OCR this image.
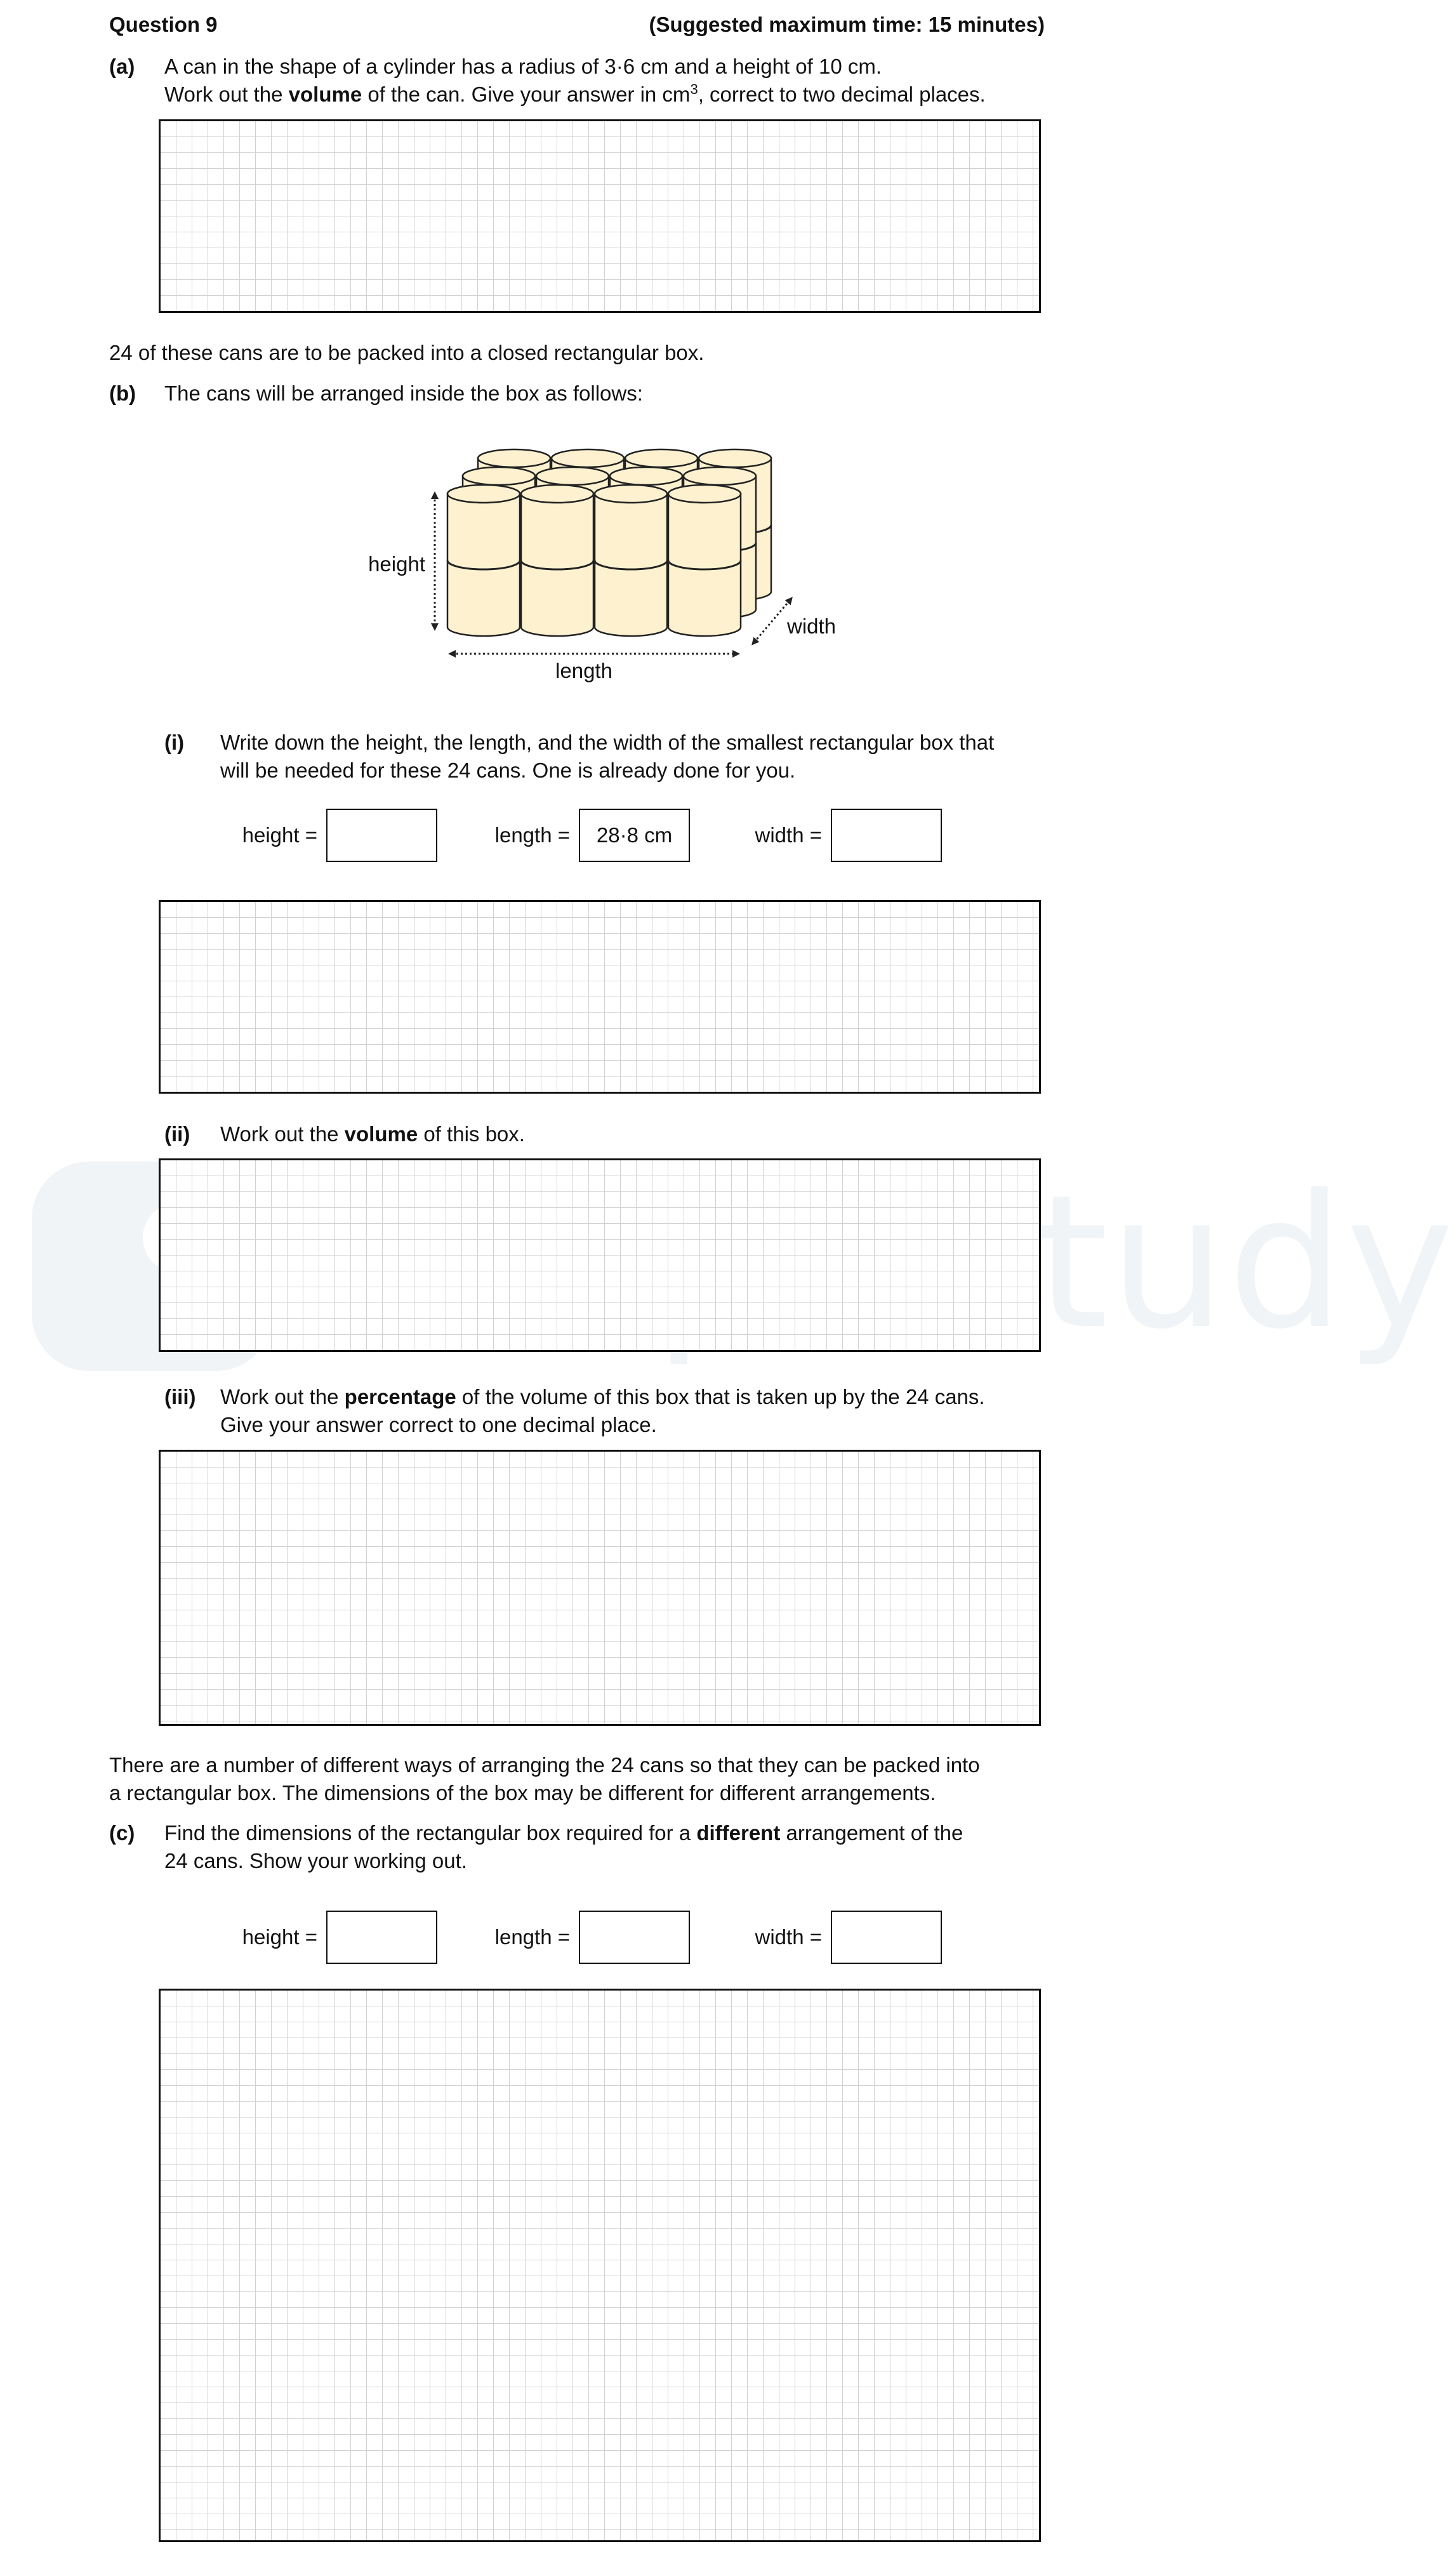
Question 9	(Suggested maximum time: 15 minutes)
(a) A can in the shape of a cylinder has a radius of 3·6 cm and a height of 10 cm.
Work out the volume of the can. Give your answer in $cm^3$, correct to two decimal places.
24 of these cans are to be packed into a closed rectangular box.
(b) The cans will be arranged inside the box as follows:
height
length
width
(i) Write down the height, the length, and the width of the smallest rectangular box that
will be needed for these 24 cans. One is already done for you.
height =	length =	28·8 cm	width =
(ii) Work out the volume of this box.
(iii) Work out the percentage of the volume of this box that is taken up by the 24 cans.
Give your answer correct to one decimal place.
There are a number of different ways of arranging the 24 cans so that they can be packed into
a rectangular box. The dimensions of the box may be different for different arrangements.
(c) Find the dimensions of the rectangular box required for a different arrangement of the
24 cans. Show your working out.
height =	length =	width =
